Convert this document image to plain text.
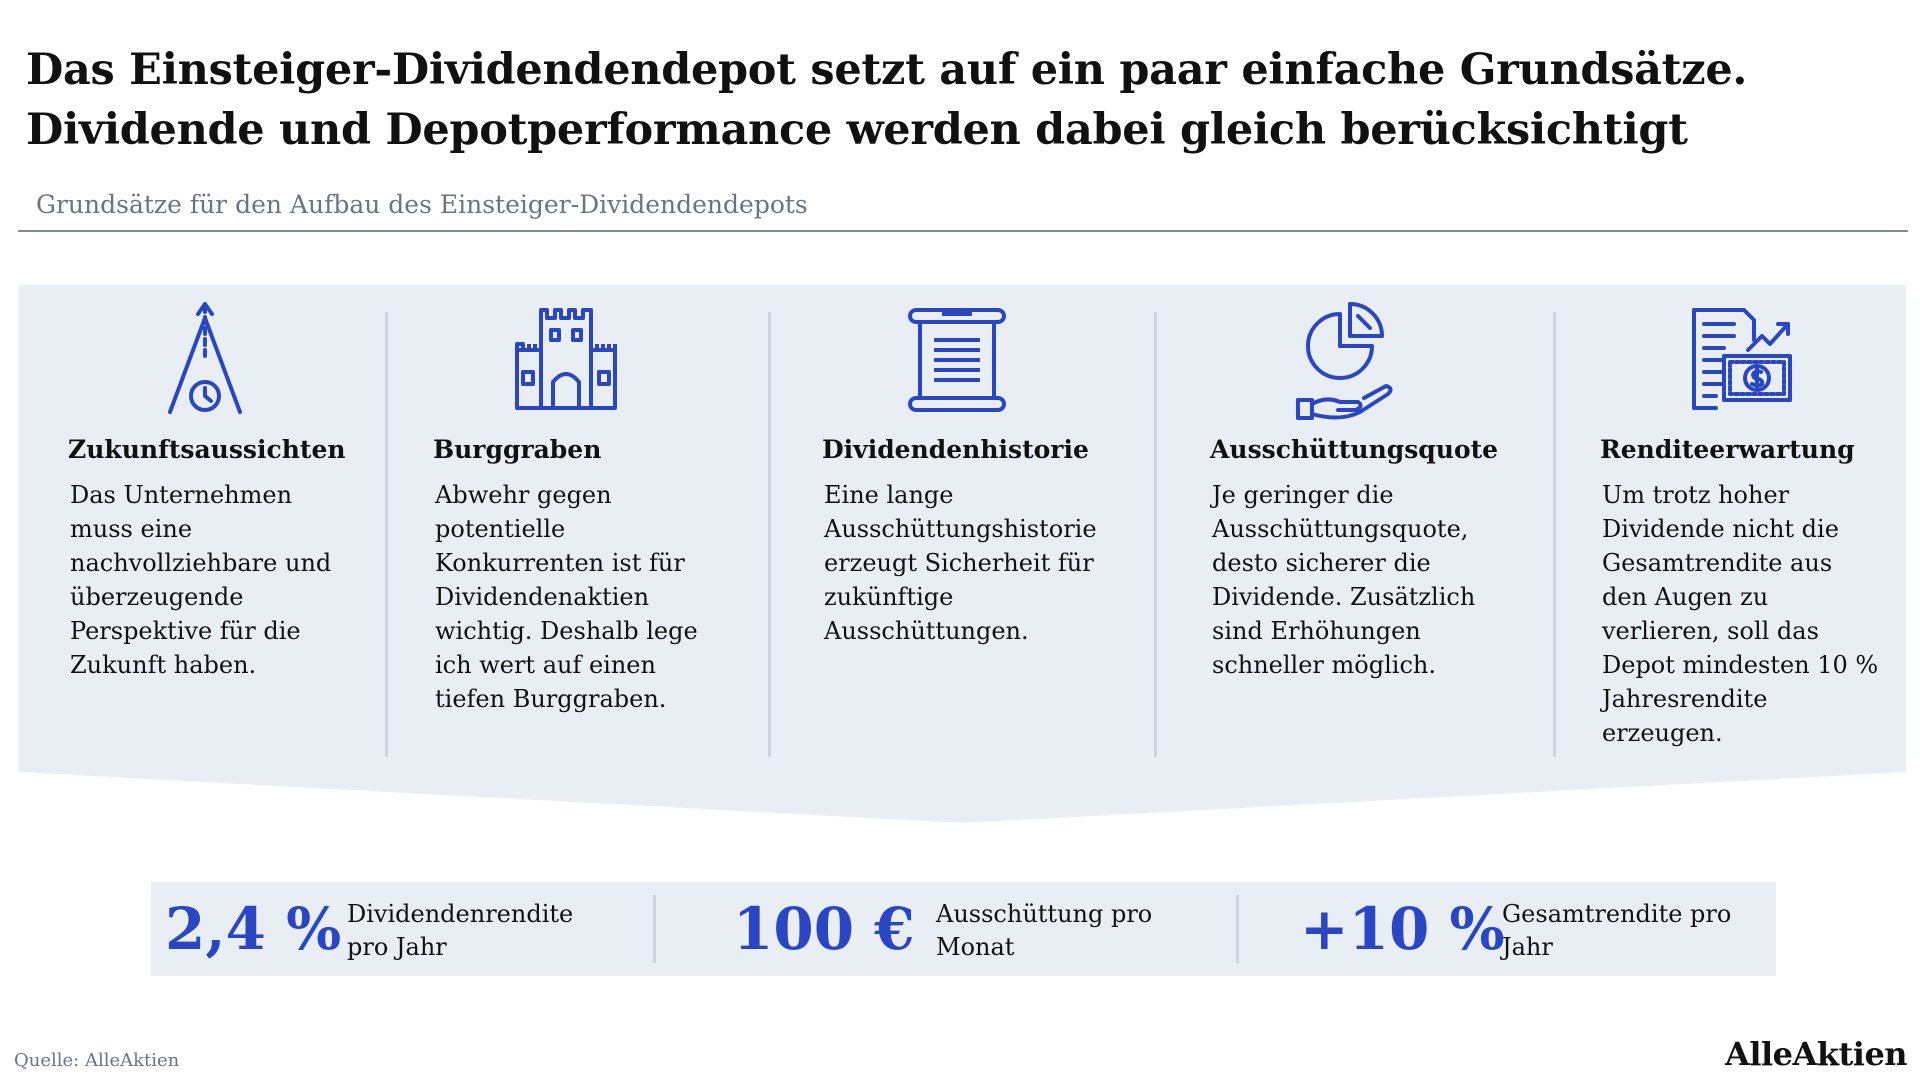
Das Einsteiger-Dividendendepot setzt auf ein paar einfache Grundsätze.
Dividende und Depotperformance werden dabei gleich berücksichtigt
Grundsätze für den Aufbau des Einsteiger-Dividendendepots
Zukunftsaussichten
Das Unternehmen
muss eine
nachvollziehbare und
überzeugende
Perspektive für die
Zukunft haben.
Burggraben
Abwehr gegen
potentielle
Konkurrenten ist für
Dividendenaktien
wichtig. Deshalb lege
ich wert auf einen
tiefen Burggraben.
Dividendenhistorie
Eine lange
Ausschüttungshistorie
erzeugt Sicherheit für
zukünftige
Ausschüttungen.
Ausschüttungsquote
Je geringer die
Ausschüttungsquote,
desto sicherer die
Dividende. Zusätzlich
sind Erhöhungen
schneller möglich.
Renditeerwartung
Um trotz hoher
Dividende nicht die
Gesamtrendite aus
den Augen zu
verlieren, soll das
Depot mindesten 10 %
Jahresrendite
erzeugen.
2,4 % Dividendenrendite
pro Jahr	100 € Ausschüttung pro
Monat	+10 %
Gesamtrendite pro
Jahr
Quelle: AlleAktien	AlleAktien
